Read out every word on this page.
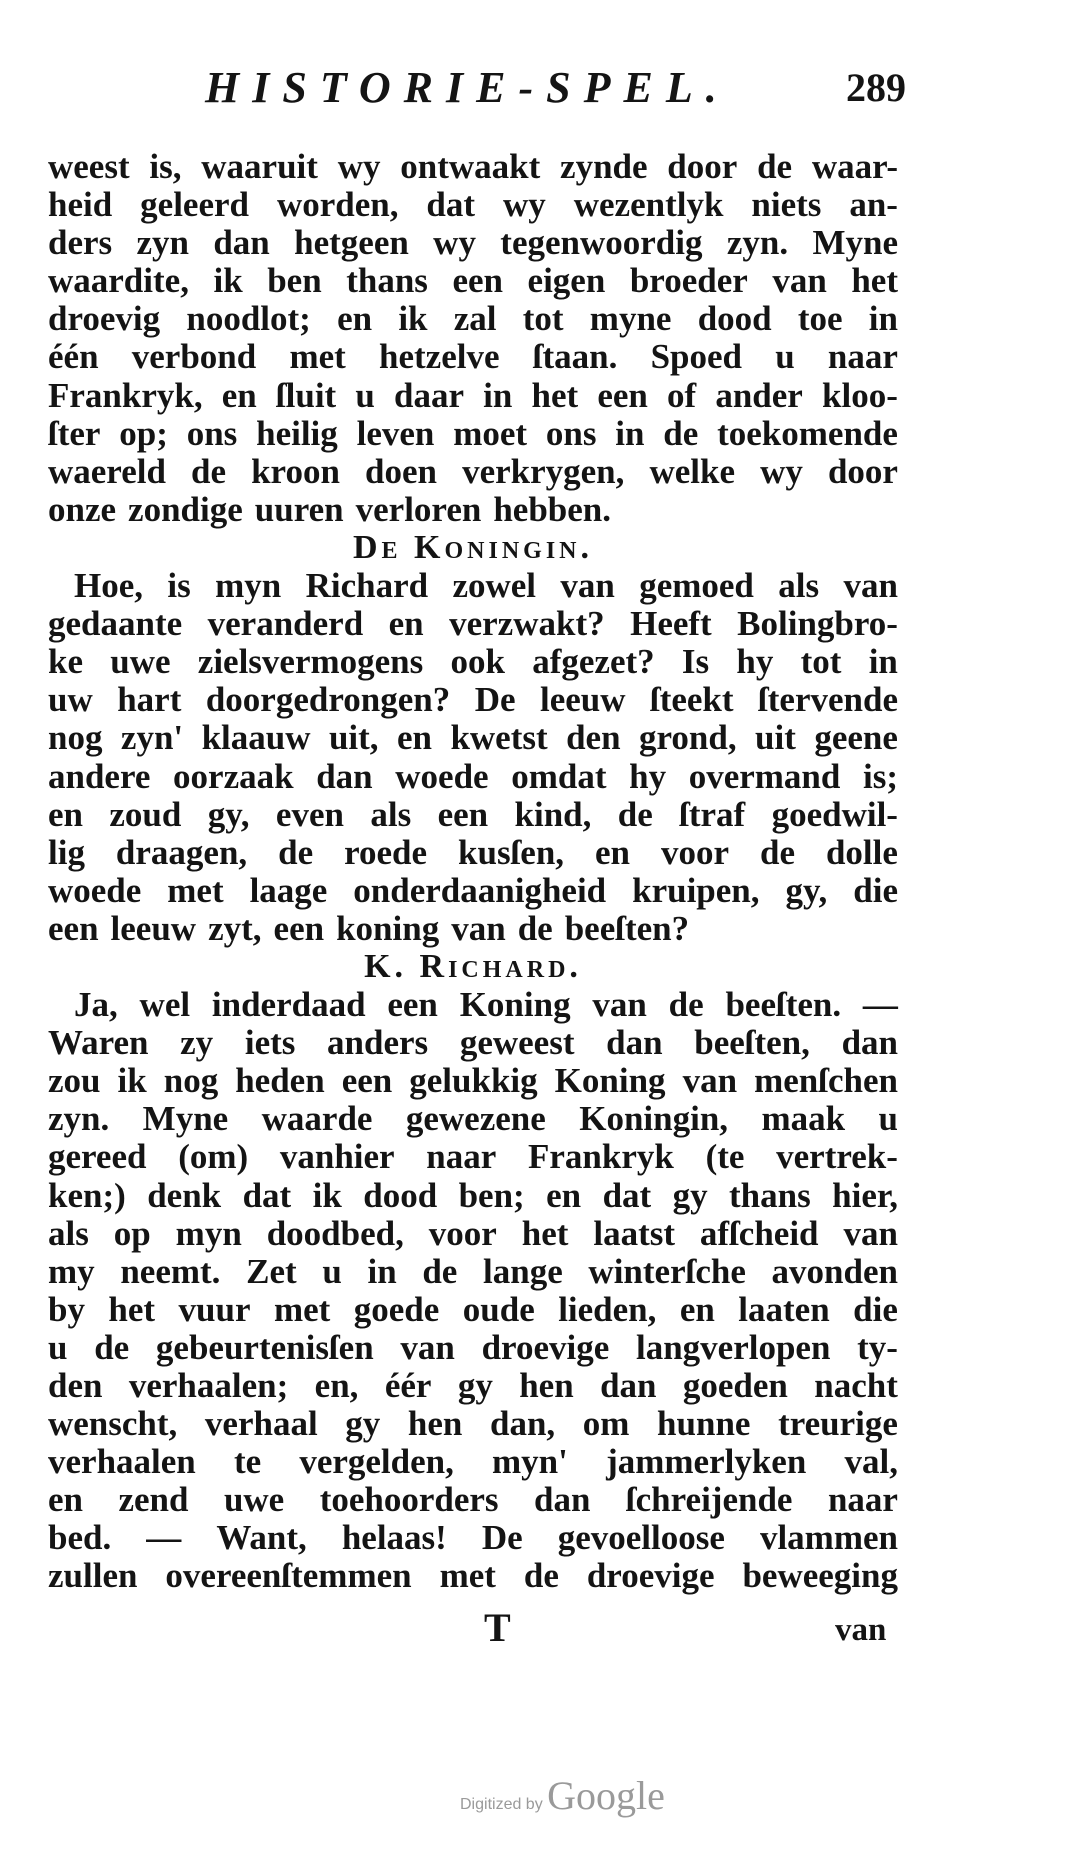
HISTORIE-SPEL.	289
weest is, waaruit wy ontwaakt zynde door de waar-
heid geleerd worden, dat wy wezentlyk niets an-
ders zyn dan hetgeen wy tegenwoordig zyn. Myne
waardite, ik ben thans een eigen broeder van het
droevig noodlot; en ik zal tot myne dood toe in
één verbond met hetzelve ſtaan. Spoed u naar
Frankryk, en ſluit u daar in het een of ander kloo-
ſter op; ons heilig leven moet ons in de toekomende
waereld de kroon doen verkrygen, welke wy door
onze zondige uuren verloren hebben.
De Koningin.
Hoe, is myn Richard zowel van gemoed als van
gedaante veranderd en verzwakt? Heeft Bolingbro-
ke uwe zielsvermogens ook afgezet? Is hy tot in
uw hart doorgedrongen? De leeuw ſteekt ſtervende
nog zyn' klaauw uit, en kwetst den grond, uit geene
andere oorzaak dan woede omdat hy overmand is;
en zoud gy, even als een kind, de ſtraf goedwil-
lig draagen, de roede kusſen, en voor de dolle
woede met laage onderdaanigheid kruipen, gy, die
een leeuw zyt, een koning van de beeſten?
K. Richard.
Ja, wel inderdaad een Koning van de beeſten. —
Waren zy iets anders geweest dan beeſten, dan
zou ik nog heden een gelukkig Koning van menſchen
zyn. Myne waarde gewezene Koningin, maak u
gereed (om) vanhier naar Frankryk (te vertrek-
ken;) denk dat ik dood ben; en dat gy thans hier,
als op myn doodbed, voor het laatst afſcheid van
my neemt. Zet u in de lange winterſche avonden
by het vuur met goede oude lieden, en laaten die
u de gebeurtenisſen van droevige langverlopen ty-
den verhaalen; en, éér gy hen dan goeden nacht
wenscht, verhaal gy hen dan, om hunne treurige
verhaalen te vergelden, myn' jammerlyken val,
en zend uwe toehoorders dan ſchreijende naar
bed. — Want, helaas! De gevoelloose vlammen
zullen overeenſtemmen met de droevige beweeging
T	van
Digitized by Google
